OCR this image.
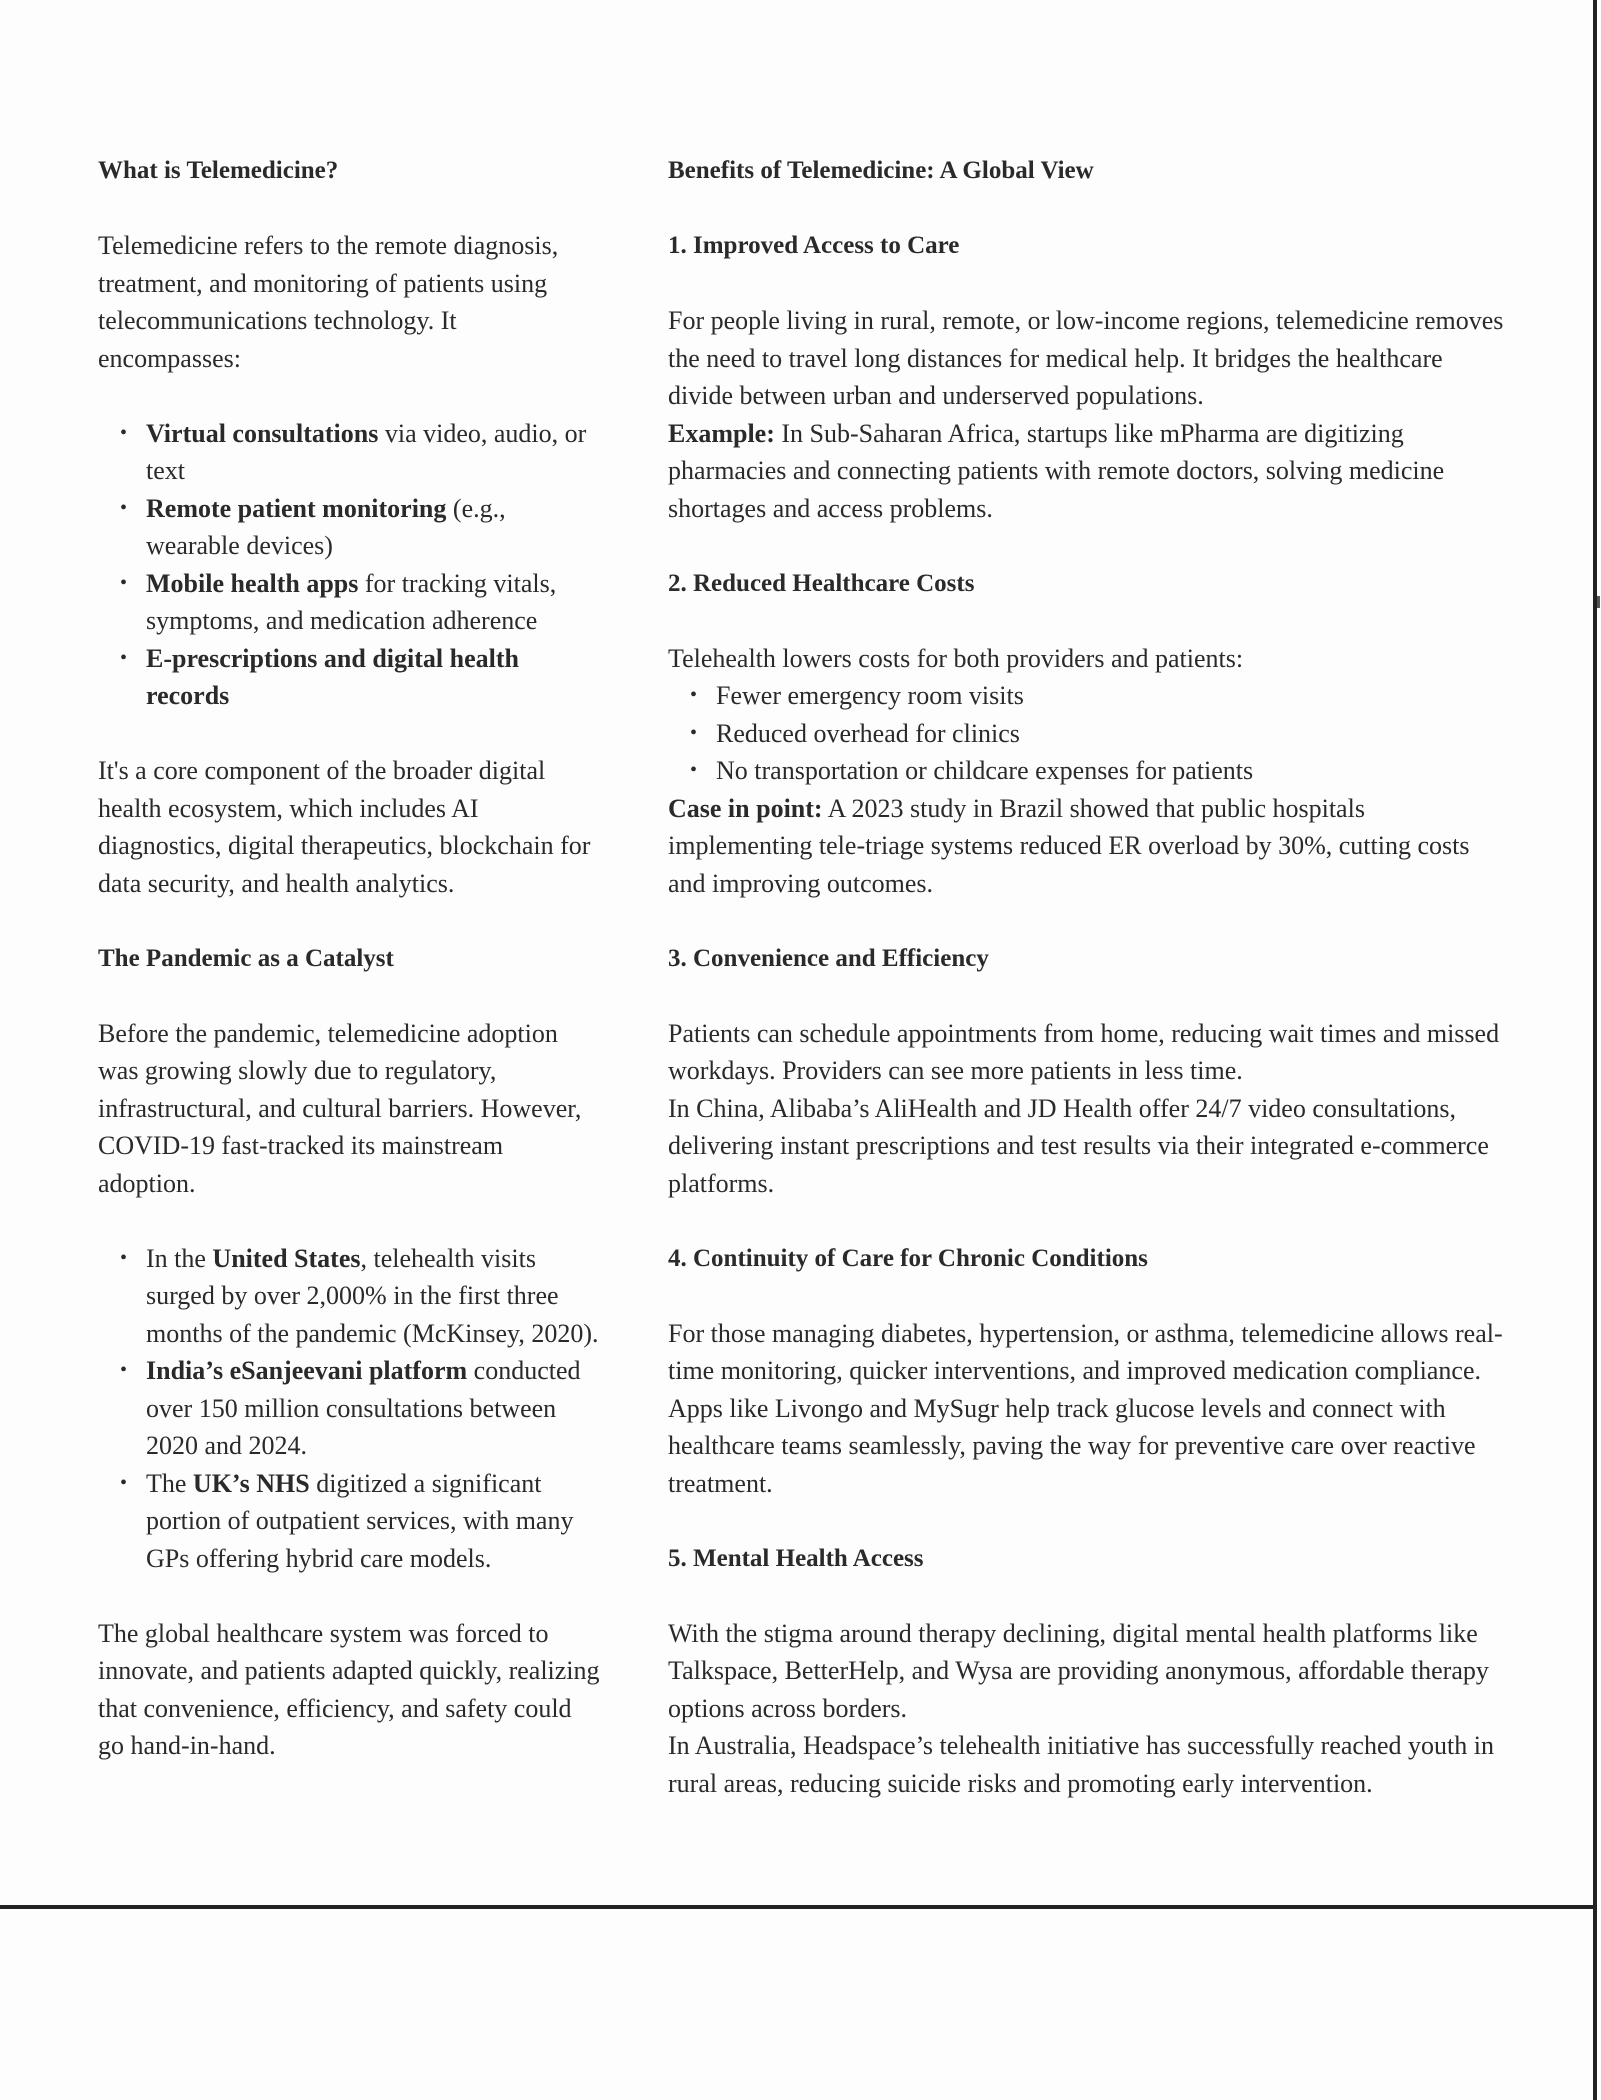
What is Telemedicine?

Telemedicine refers to the remote diagnosis, treatment, and monitoring of patients using telecommunications technology. It encompasses:

• Virtual consultations via video, audio, or text
• Remote patient monitoring (e.g., wearable devices)
• Mobile health apps for tracking vitals, symptoms, and medication adherence
• E-prescriptions and digital health records

It's a core component of the broader digital health ecosystem, which includes AI diagnostics, digital therapeutics, blockchain for data security, and health analytics.

The Pandemic as a Catalyst

Before the pandemic, telemedicine adoption was growing slowly due to regulatory, infrastructural, and cultural barriers. However, COVID-19 fast-tracked its mainstream adoption.

• In the United States, telehealth visits surged by over 2,000% in the first three months of the pandemic (McKinsey, 2020).
• India’s eSanjeevani platform conducted over 150 million consultations between 2020 and 2024.
• The UK’s NHS digitized a significant portion of outpatient services, with many GPs offering hybrid care models.

The global healthcare system was forced to innovate, and patients adapted quickly, realizing that convenience, efficiency, and safety could go hand-in-hand.

Benefits of Telemedicine: A Global View
1. Improved Access to Care

For people living in rural, remote, or low-income regions, telemedicine removes the need to travel long distances for medical help. It bridges the healthcare divide between urban and underserved populations.

Example: In Sub-Saharan Africa, startups like mPharma are digitizing pharmacies and connecting patients with remote doctors, solving medicine shortages and access problems.

2. Reduced Healthcare Costs

Telehealth lowers costs for both providers and patients:

• Fewer emergency room visits
• Reduced overhead for clinics
• No transportation or childcare expenses for patients

Case in point: A 2023 study in Brazil showed that public hospitals implementing tele-triage systems reduced ER overload by 30%, cutting costs and improving outcomes.

3. Convenience and Efficiency

Patients can schedule appointments from home, reducing wait times and missed workdays. Providers can see more patients in less time.

In China, Alibaba’s AliHealth and JD Health offer 24/7 video consultations, delivering instant prescriptions and test results via their integrated e-commerce platforms.

4. Continuity of Care for Chronic Conditions

For those managing diabetes, hypertension, or asthma, telemedicine allows real-time monitoring, quicker interventions, and improved medication compliance.

Apps like Livongo and MySugr help track glucose levels and connect with healthcare teams seamlessly, paving the way for preventive care over reactive treatment.

5. Mental Health Access

With the stigma around therapy declining, digital mental health platforms like Talkspace, BetterHelp, and Wysa are providing anonymous, affordable therapy options across borders.

In Australia, Headspace’s telehealth initiative has successfully reached youth in rural areas, reducing suicide risks and promoting early intervention.
